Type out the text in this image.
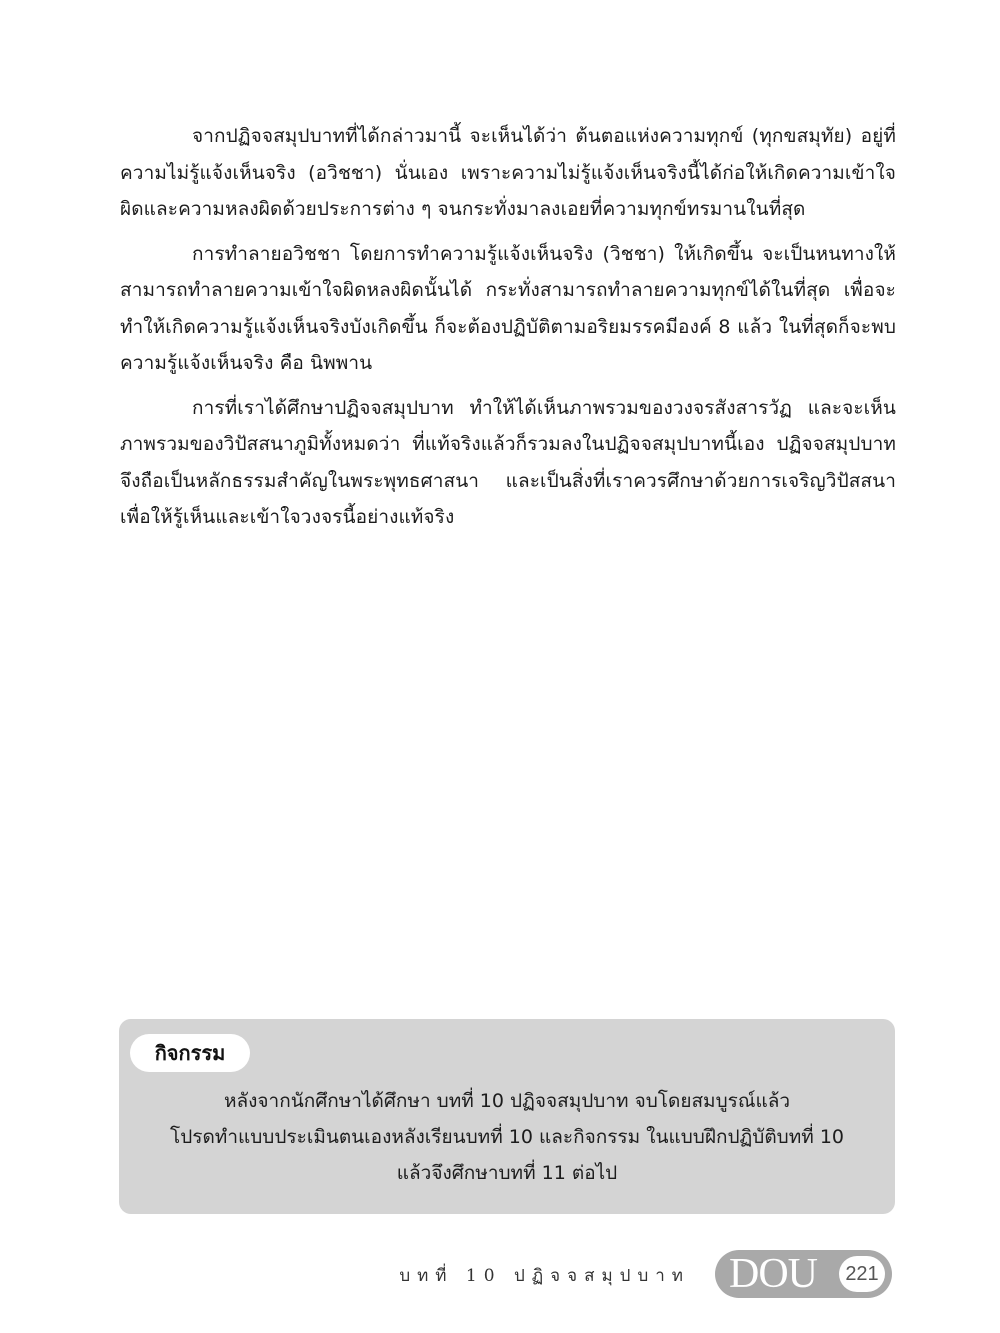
จากปฏิจจสมุปบาทที่ได้กล่าวมานี้ จะเห็นได้ว่า ต้นตอแห่งความทุกข์ (ทุกขสมุทัย) อยู่ที่ความไม่รู้แจ้งเห็นจริง (อวิชชา) นั่นเอง เพราะความไม่รู้แจ้งเห็นจริงนี้ได้ก่อให้เกิดความเข้าใจผิดและความหลงผิดด้วยประการต่าง ๆ จนกระทั่งมาลงเอยที่ความทุกข์ทรมานในที่สุด

การทำลายอวิชชา โดยการทำความรู้แจ้งเห็นจริง (วิชชา) ให้เกิดขึ้น จะเป็นหนทางให้สามารถทำลายความเข้าใจผิดหลงผิดนั้นได้ กระทั่งสามารถทำลายความทุกข์ได้ในที่สุด เพื่อจะทำให้เกิดความรู้แจ้งเห็นจริงบังเกิดขึ้น ก็จะต้องปฏิบัติตามอริยมรรคมีองค์ 8 แล้ว ในที่สุดก็จะพบความรู้แจ้งเห็นจริง คือ นิพพาน

การที่เราได้ศึกษาปฏิจจสมุปบาท ทำให้ได้เห็นภาพรวมของวงจรสังสารวัฏ และจะเห็นภาพรวมของวิปัสสนาภูมิทั้งหมดว่า ที่แท้จริงแล้วก็รวมลงในปฏิจจสมุปบาทนี้เอง ปฏิจจสมุปบาทจึงถือเป็นหลักธรรมสำคัญในพระพุทธศาสนา และเป็นสิ่งที่เราควรศึกษาด้วยการเจริญวิปัสสนา เพื่อให้รู้เห็นและเข้าใจวงจรนี้อย่างแท้จริง

กิจกรรม
หลังจากนักศึกษาได้ศึกษา บทที่ 10 ปฏิจจสมุปบาท จบโดยสมบูรณ์แล้ว
โปรดทำแบบประเมินตนเองหลังเรียนบทที่ 10 และกิจกรรม ในแบบฝึกปฏิบัติบทที่ 10
แล้วจึงศึกษาบทที่ 11 ต่อไป
บทที่ 10 ปฏิจจสมุปบาท DOU	221
